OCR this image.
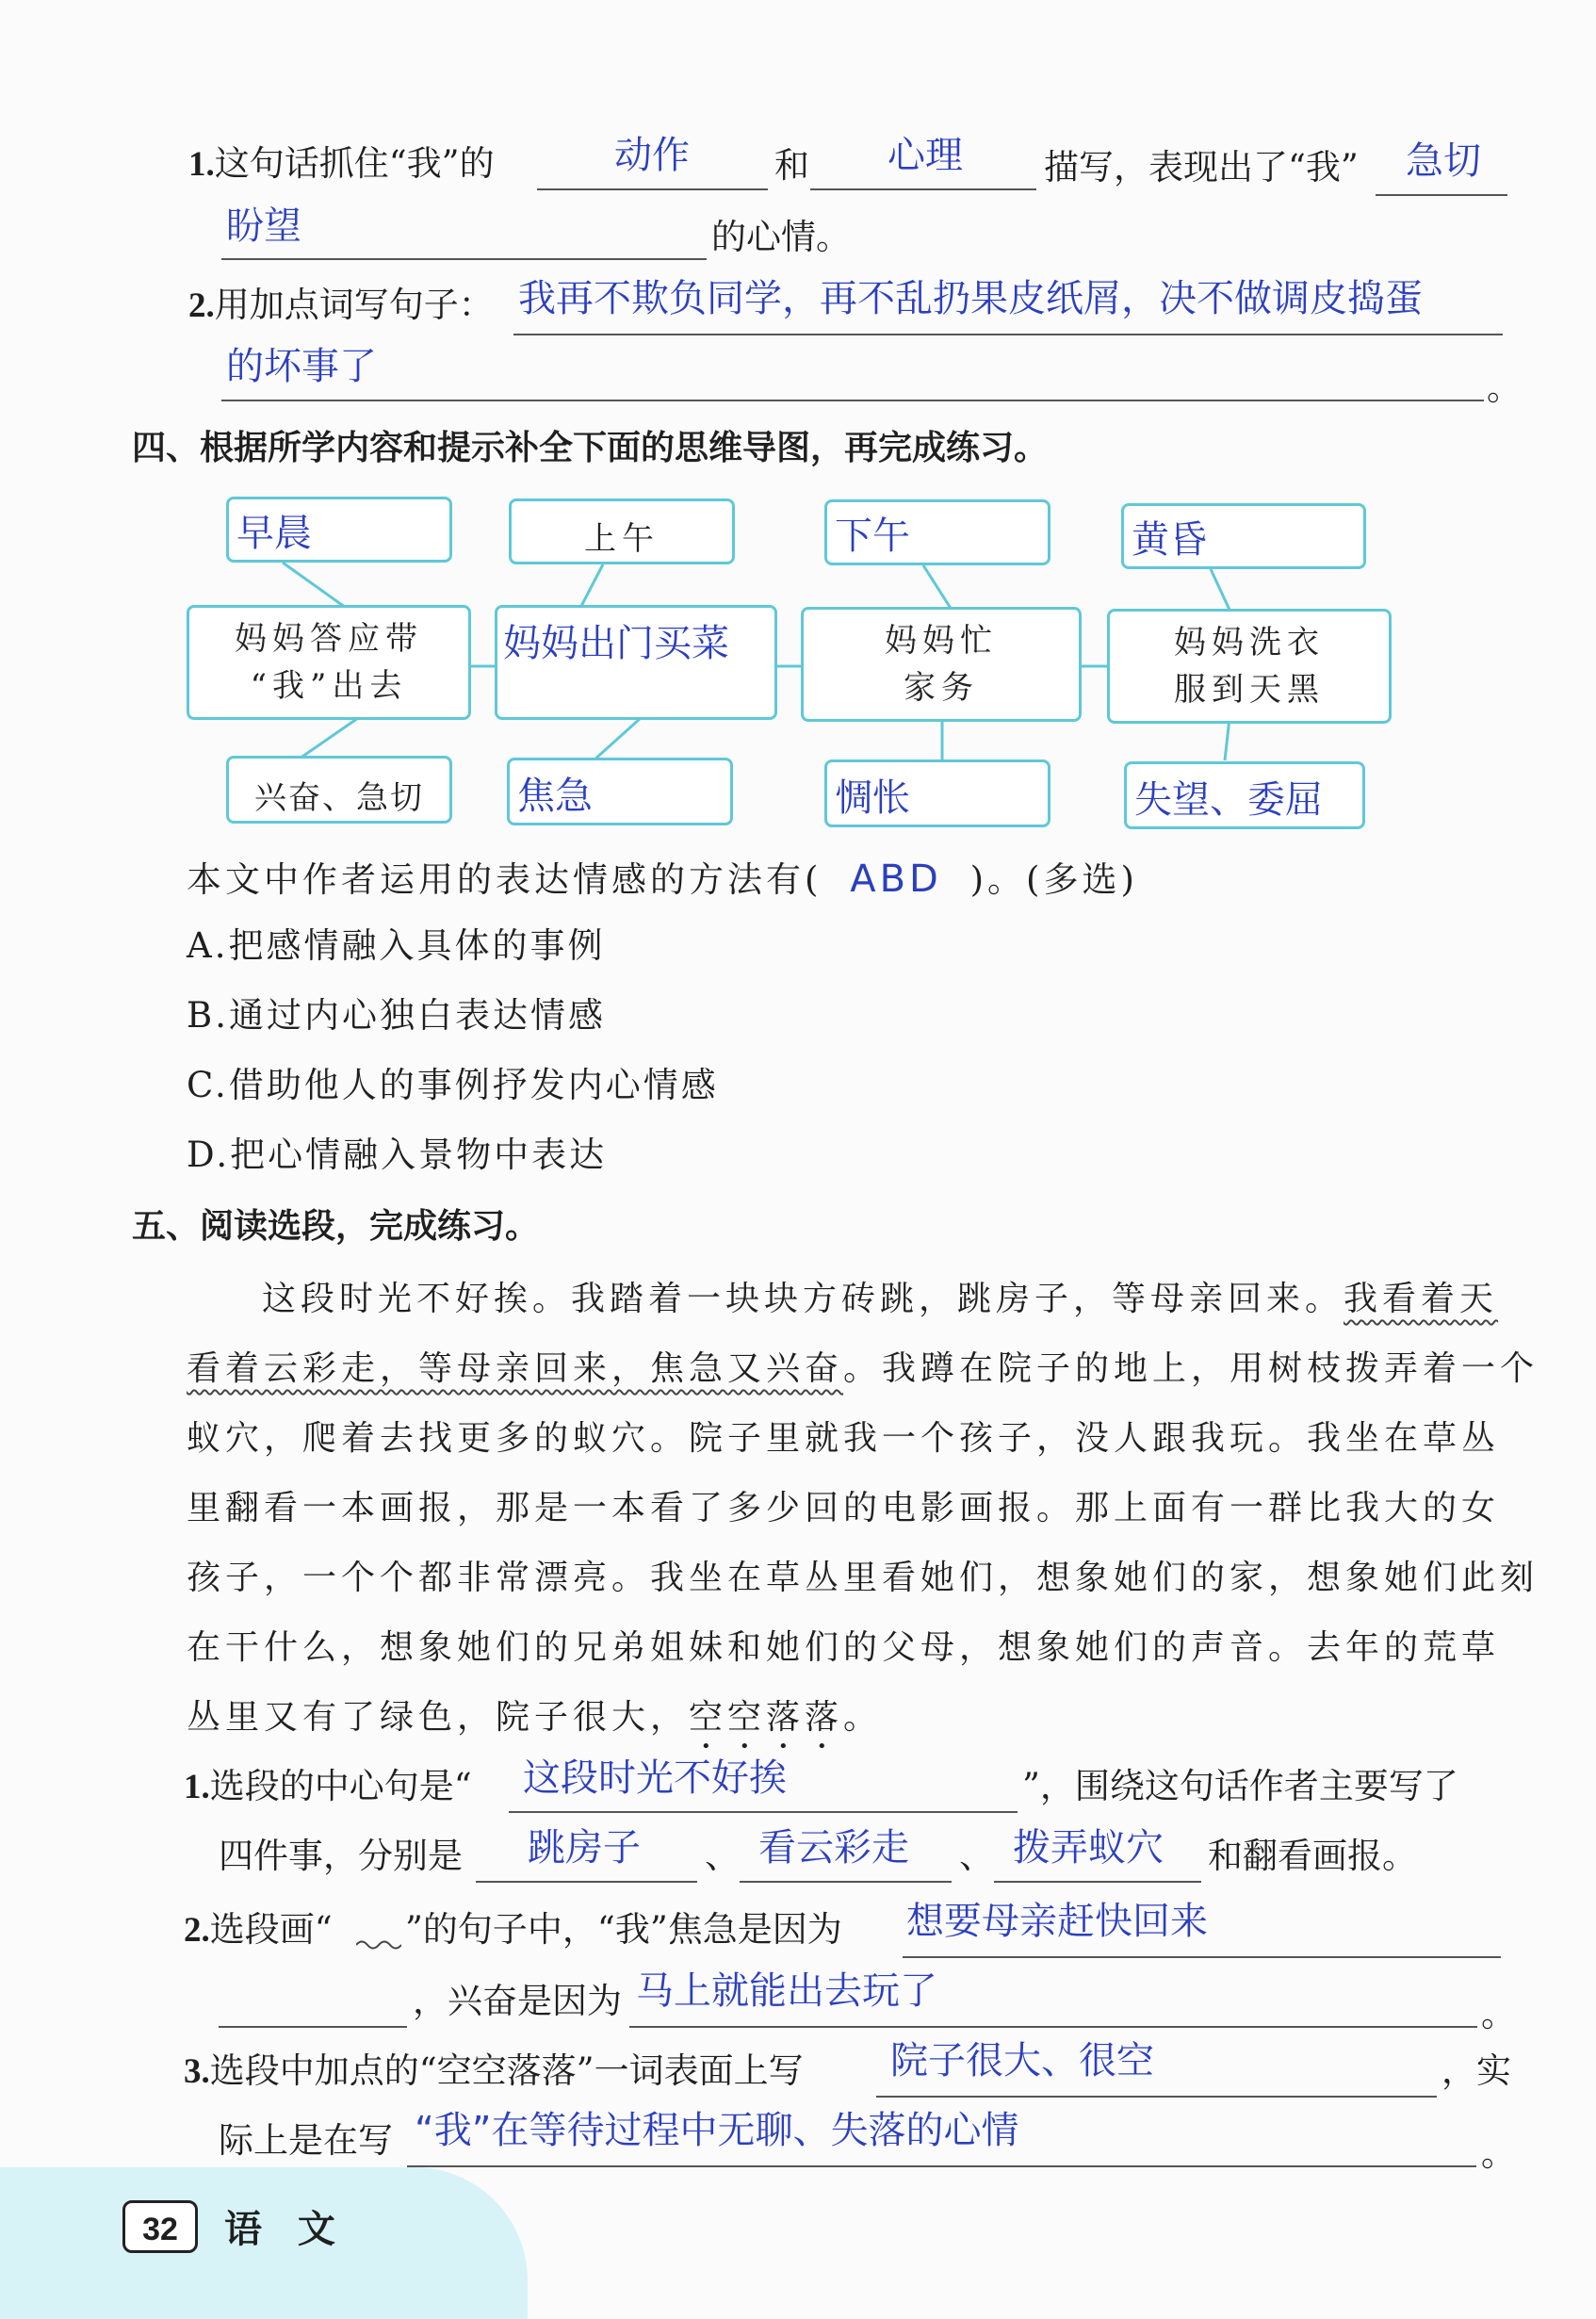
1.这句话抓住“我”的	动作 和 心理 描写，表现出了“我” 急切
盼望	的心情。
2.用加点词写句子： 我再不欺负同学，再不乱扔果皮纸屑，决不做调皮捣蛋
的坏事了	。
四、根据所学内容和提示补全下面的思维导图，再完成练习。
早晨	上午	下午	黄昏
妈妈答应带
“我”出去
妈妈出门买菜	妈妈忙
家务
妈妈洗衣
服到天黑
兴奋、急切	焦急	惆怅	失望、委屈
本文中作者运用的表达情感的方法有( ABD )。(多选)
A.把感情融入具体的事例
B.通过内心独白表达情感
C.借助他人的事例抒发内心情感
D.把心情融入景物中表达
五、阅读选段，完成练习。
这段时光不好挨。我踏着一块块方砖跳，跳房子，等母亲回来。我看着天
看着云彩走，等母亲回来，焦急又兴奋。我蹲在院子的地上，用树枝拨弄着一个
蚁穴，爬着去找更多的蚁穴。院子里就我一个孩子，没人跟我玩。我坐在草丛
里翻看一本画报，那是一本看了多少回的电影画报。那上面有一群比我大的女
孩子，一个个都非常漂亮。我坐在草丛里看她们，想象她们的家，想象她们此刻
在干什么，想象她们的兄弟姐妹和她们的父母，想象她们的声音。去年的荒草
丛里又有了绿色，院子很大，空空落落。
1.选段的中心句是“ 这段时光不好挨	”，围绕这句话作者主要写了
四件事，分别是 跳房子 、 看云彩走 、 拨弄蚁穴 和翻看画报。
2.选段画“ ”的句子中，“我”焦急是因为 想要母亲赶快回来
，兴奋是因为 马上就能出去玩了
。
3.选段中加点的“空空落落”一词表面上写 院子很大、很空	，实
际上是在写 “我”在等待过程中无聊、失落的心情
。
32	语 文
